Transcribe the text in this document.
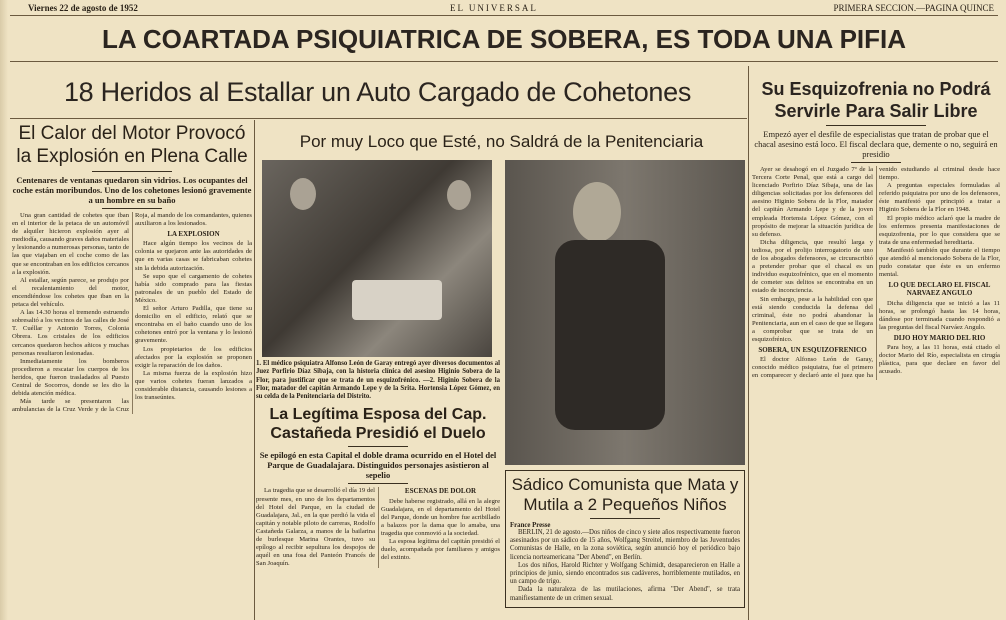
Viernes 22 de agosto de 1952	EL UNIVERSAL	PRIMERA SECCION.—PAGINA QUINCE
LA COARTADA PSIQUIATRICA DE SOBERA, ES TODA UNA PIFIA
18 Heridos al Estallar un Auto Cargado de Cohetones
El Calor del Motor Provocó la Explosión en Plena Calle
Centenares de ventanas quedaron sin vidrios. Los ocupantes del coche están moribundos. Uno de los cohetones lesionó gravemente a un hombre en su baño

Una gran cantidad de cohetes que iban en el interior de la petaca de un automóvil de alquiler hicieron explosión ayer al mediodía, causando graves daños materiales y lesionando a numerosas personas, tanto de las que viajaban en el coche como de las que se encontraban en los edificios cercanos a la explosión.

Al estallar, según parece, se produjo por el recalentamiento del motor, encendiéndose los cohetes que iban en la petaca del vehículo.

A las 14.30 horas el tremendo estruendo sobresaltó a los vecinos de las calles de José T. Cuéllar y Antonio Torres, Colonia Obrera. Los cristales de los edificios cercanos quedaron hechos añicos y muchas personas resultaron lesionadas.

Inmediatamente los bomberos procedieron a rescatar los cuerpos de los heridos, que fueron trasladados al Puesto Central de Socorros, donde se les dio la debida atención médica.

Más tarde se presentaron las ambulancias de la Cruz Verde y de la Cruz Roja, al mando de los comandantes, quienes auxiliaron a los lesionados.

LA EXPLOSION

Hace algún tiempo los vecinos de la colonia se quejaron ante las autoridades de que en varias casas se fabricaban cohetes sin la debida autorización.

Se supo que el cargamento de cohetes había sido comprado para las fiestas patronales de un pueblo del Estado de México.

El señor Arturo Padilla, que tiene su domicilio en el edificio, relató que se encontraba en el baño cuando uno de los cohetones entró por la ventana y lo lesionó gravemente.

Los propietarios de los edificios afectados por la explosión se proponen exigir la reparación de los daños.

La misma fuerza de la explosión hizo que varios cohetes fueran lanzados a considerable distancia, causando lesiones a los transeúntes.

Por muy Loco que Esté, no Saldrá de la Penitenciaria
1. El médico psiquiatra Alfonso León de Garay entregó ayer diversos documentos al Juez Porfirio Díaz Sibaja, con la historia clínica del asesino Higinio Sobera de la Flor, para justificar que se trata de un esquizofrénico. —2. Higinio Sobera de la Flor, matador del capitán Armando Lepe y de la Srita. Hortensia López Gómez, en su celda de la Penitenciaria del Distrito.
La Legítima Esposa del Cap. Castañeda Presidió el Duelo
Se epilogó en esta Capital el doble drama ocurrido en el Hotel del Parque de Guadalajara. Distinguidos personajes asistieron al sepelio

La tragedia que se desarrolló el día 19 del presente mes, en uno de los departamentos del Hotel del Parque, en la ciudad de Guadalajara, Jal., en la que perdió la vida el capitán y notable piloto de carreras, Rodolfo Castañeda Galarza, a manos de la bailarina de burlesque Marina Orantes, tuvo su epílogo al recibir sepultura los despojos de aquél en una fosa del Panteón Francés de San Joaquín.

ESCENAS DE DOLOR

Debe haberse registrado, allá en la alegre Guadalajara, en el departamento del Hotel del Parque, donde un hombre fue acribillado a balazos por la dama que lo amaba, una tragedia que conmovió a la sociedad.

La esposa legítima del capitán presidió el duelo, acompañada por familiares y amigos del extinto.

Sádico Comunista que Mata y Mutila a 2 Pequeños Niños
France Presse

BERLIN, 21 de agosto.—Dos niños de cinco y siete años respectivamente fueron asesinados por un sádico de 15 años, Wolfgang Streitel, miembro de las Juventudes Comunistas de Halle, en la zona soviética, según anunció hoy el periódico bajo licencia norteamericana "Der Abend", en Berlín.

Los dos niños, Harold Richter y Wolfgang Schimidt, desaparecieron en Halle a principios de junio, siendo encontrados sus cadáveres, horriblemente mutilados, en un campo de trigo.

Dada la naturaleza de las mutilaciones, afirma "Der Abend", se trata manifiestamente de un crimen sexual.

Su Esquizofrenia no Podrá Servirle Para Salir Libre
Empezó ayer el desfile de especialistas que tratan de probar que el chacal asesino está loco. El fiscal declara que, demente o no, seguirá en presidio

Ayer se desahogó en el Juzgado 7º de la Tercera Corte Penal, que está a cargo del licenciado Porfirio Díaz Sibaja, una de las diligencias solicitadas por los defensores del asesino Higinio Sobera de la Flor, matador del capitán Armando Lepe y de la joven empleada Hortensia López Gómez, con el propósito de mejorar la situación jurídica de su defenso.

Dicha diligencia, que resultó larga y tediosa, por el prolijo interrogatorio de uno de los abogados defensores, se circunscribió a pretender probar que el chacal es un individuo esquizofrénico, que en el momento de cometer sus delitos se encontraba en un estado de inconciencia.

Sin embargo, pese a la habilidad con que está siendo conducida la defensa del criminal, éste no podrá abandonar la Penitenciaria, aun en el caso de que se llegara a comprobar que se trata de un esquizofrénico.

SOBERA, UN ESQUIZOFRENICO

El doctor Alfonso León de Garay, conocido médico psiquiatra, fue el primero en comparecer y declaró ante el juez que ha venido estudiando al criminal desde hace tiempo.

A preguntas especiales formuladas al referido psiquiatra por uno de los defensores, éste manifestó que principió a tratar a Higinio Sobera de la Flor en 1948.

El propio médico aclaró que la madre de los enfermos presenta manifestaciones de esquizofrenia, por lo que considera que se trata de una enfermedad hereditaria.

Manifestó también que durante el tiempo que atendió al mencionado Sobera de la Flor, pudo constatar que éste es un enfermo mental.

LO QUE DECLARO EL FISCAL NARVAEZ ANGULO

Dicha diligencia que se inició a las 11 horas, se prolongó hasta las 14 horas, dándose por terminada cuando respondió a las preguntas del fiscal Narváez Angulo.

DIJO HOY MARIO DEL RIO

Para hoy, a las 11 horas, está citado el doctor Mario del Río, especialista en cirugía plástica, para que declare en favor del acusado.
